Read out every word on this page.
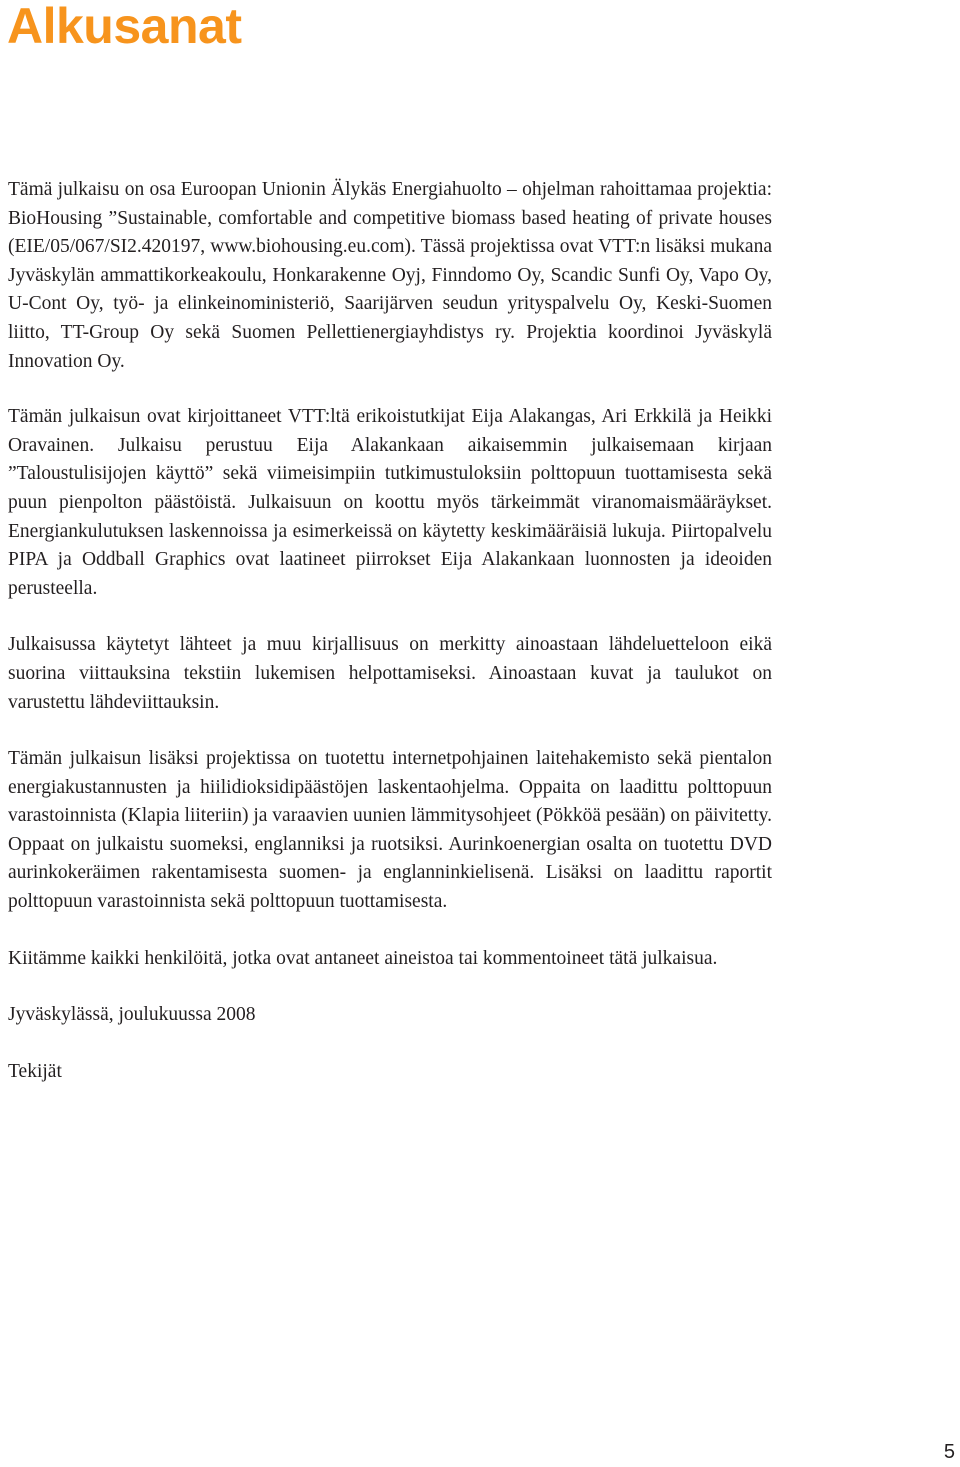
Alkusanat

Tämä julkaisu on osa Euroopan Unionin Älykäs Energiahuolto – ohjelman rahoittamaa projektia: BioHousing ”Sustainable, comfortable and competitive biomass based heating of private houses (EIE/05/067/SI2.420197, www.biohousing.eu.com). Tässä projektissa ovat VTT:n lisäksi mukana Jyväskylän ammattikorkeakoulu, Honkarakenne Oyj, Finndomo Oy, Scandic Sunfi Oy, Vapo Oy, U-Cont Oy, työ- ja elinkeinoministeriö, Saarijärven seudun yrityspalvelu Oy, Keski-Suomen liitto, TT-Group Oy sekä Suomen Pellettienergiayhdistys ry. Projektia koordinoi Jyväskylä Innovation Oy.

Tämän julkaisun ovat kirjoittaneet VTT:ltä erikoistutkijat Eija Alakangas, Ari Erkkilä ja Heikki Oravainen. Julkaisu perustuu Eija Alakankaan aikaisemmin julkaisemaan kirjaan ”Taloustulisijojen käyttö” sekä viimeisimpiin tutkimustuloksiin polttopuun tuottamisesta sekä puun pienpolton päästöistä. Julkaisuun on koottu myös tärkeimmät viranomaismääräykset. Energiankulutuksen laskennoissa ja esimerkeissä on käytetty keskimääräisiä lukuja. Piirtopalvelu PIPA ja Oddball Graphics ovat laatineet piirrokset Eija Alakankaan luonnosten ja ideoiden perusteella.

Julkaisussa käytetyt lähteet ja muu kirjallisuus on merkitty ainoastaan lähdeluetteloon eikä suorina viittauksina tekstiin lukemisen helpottamiseksi. Ainoastaan kuvat ja taulukot on varustettu lähdeviittauksin.

Tämän julkaisun lisäksi projektissa on tuotettu internetpohjainen laitehakemisto sekä pientalon energiakustannusten ja hiilidioksidipäästöjen laskentaohjelma. Oppaita on laadittu polttopuun varastoinnista (Klapia liiteriin) ja varaavien uunien lämmitysohjeet (Pökköä pesään) on päivitetty. Oppaat on julkaistu suomeksi, englanniksi ja ruotsiksi. Aurinkoenergian osalta on tuotettu DVD aurinkokeräimen rakentamisesta suomen- ja englanninkielisenä. Lisäksi on laadittu raportit polttopuun varastoinnista sekä polttopuun tuottamisesta.

Kiitämme kaikki henkilöitä, jotka ovat antaneet aineistoa tai kommentoineet tätä julkaisua.

Jyväskylässä, joulukuussa 2008

Tekijät

5
